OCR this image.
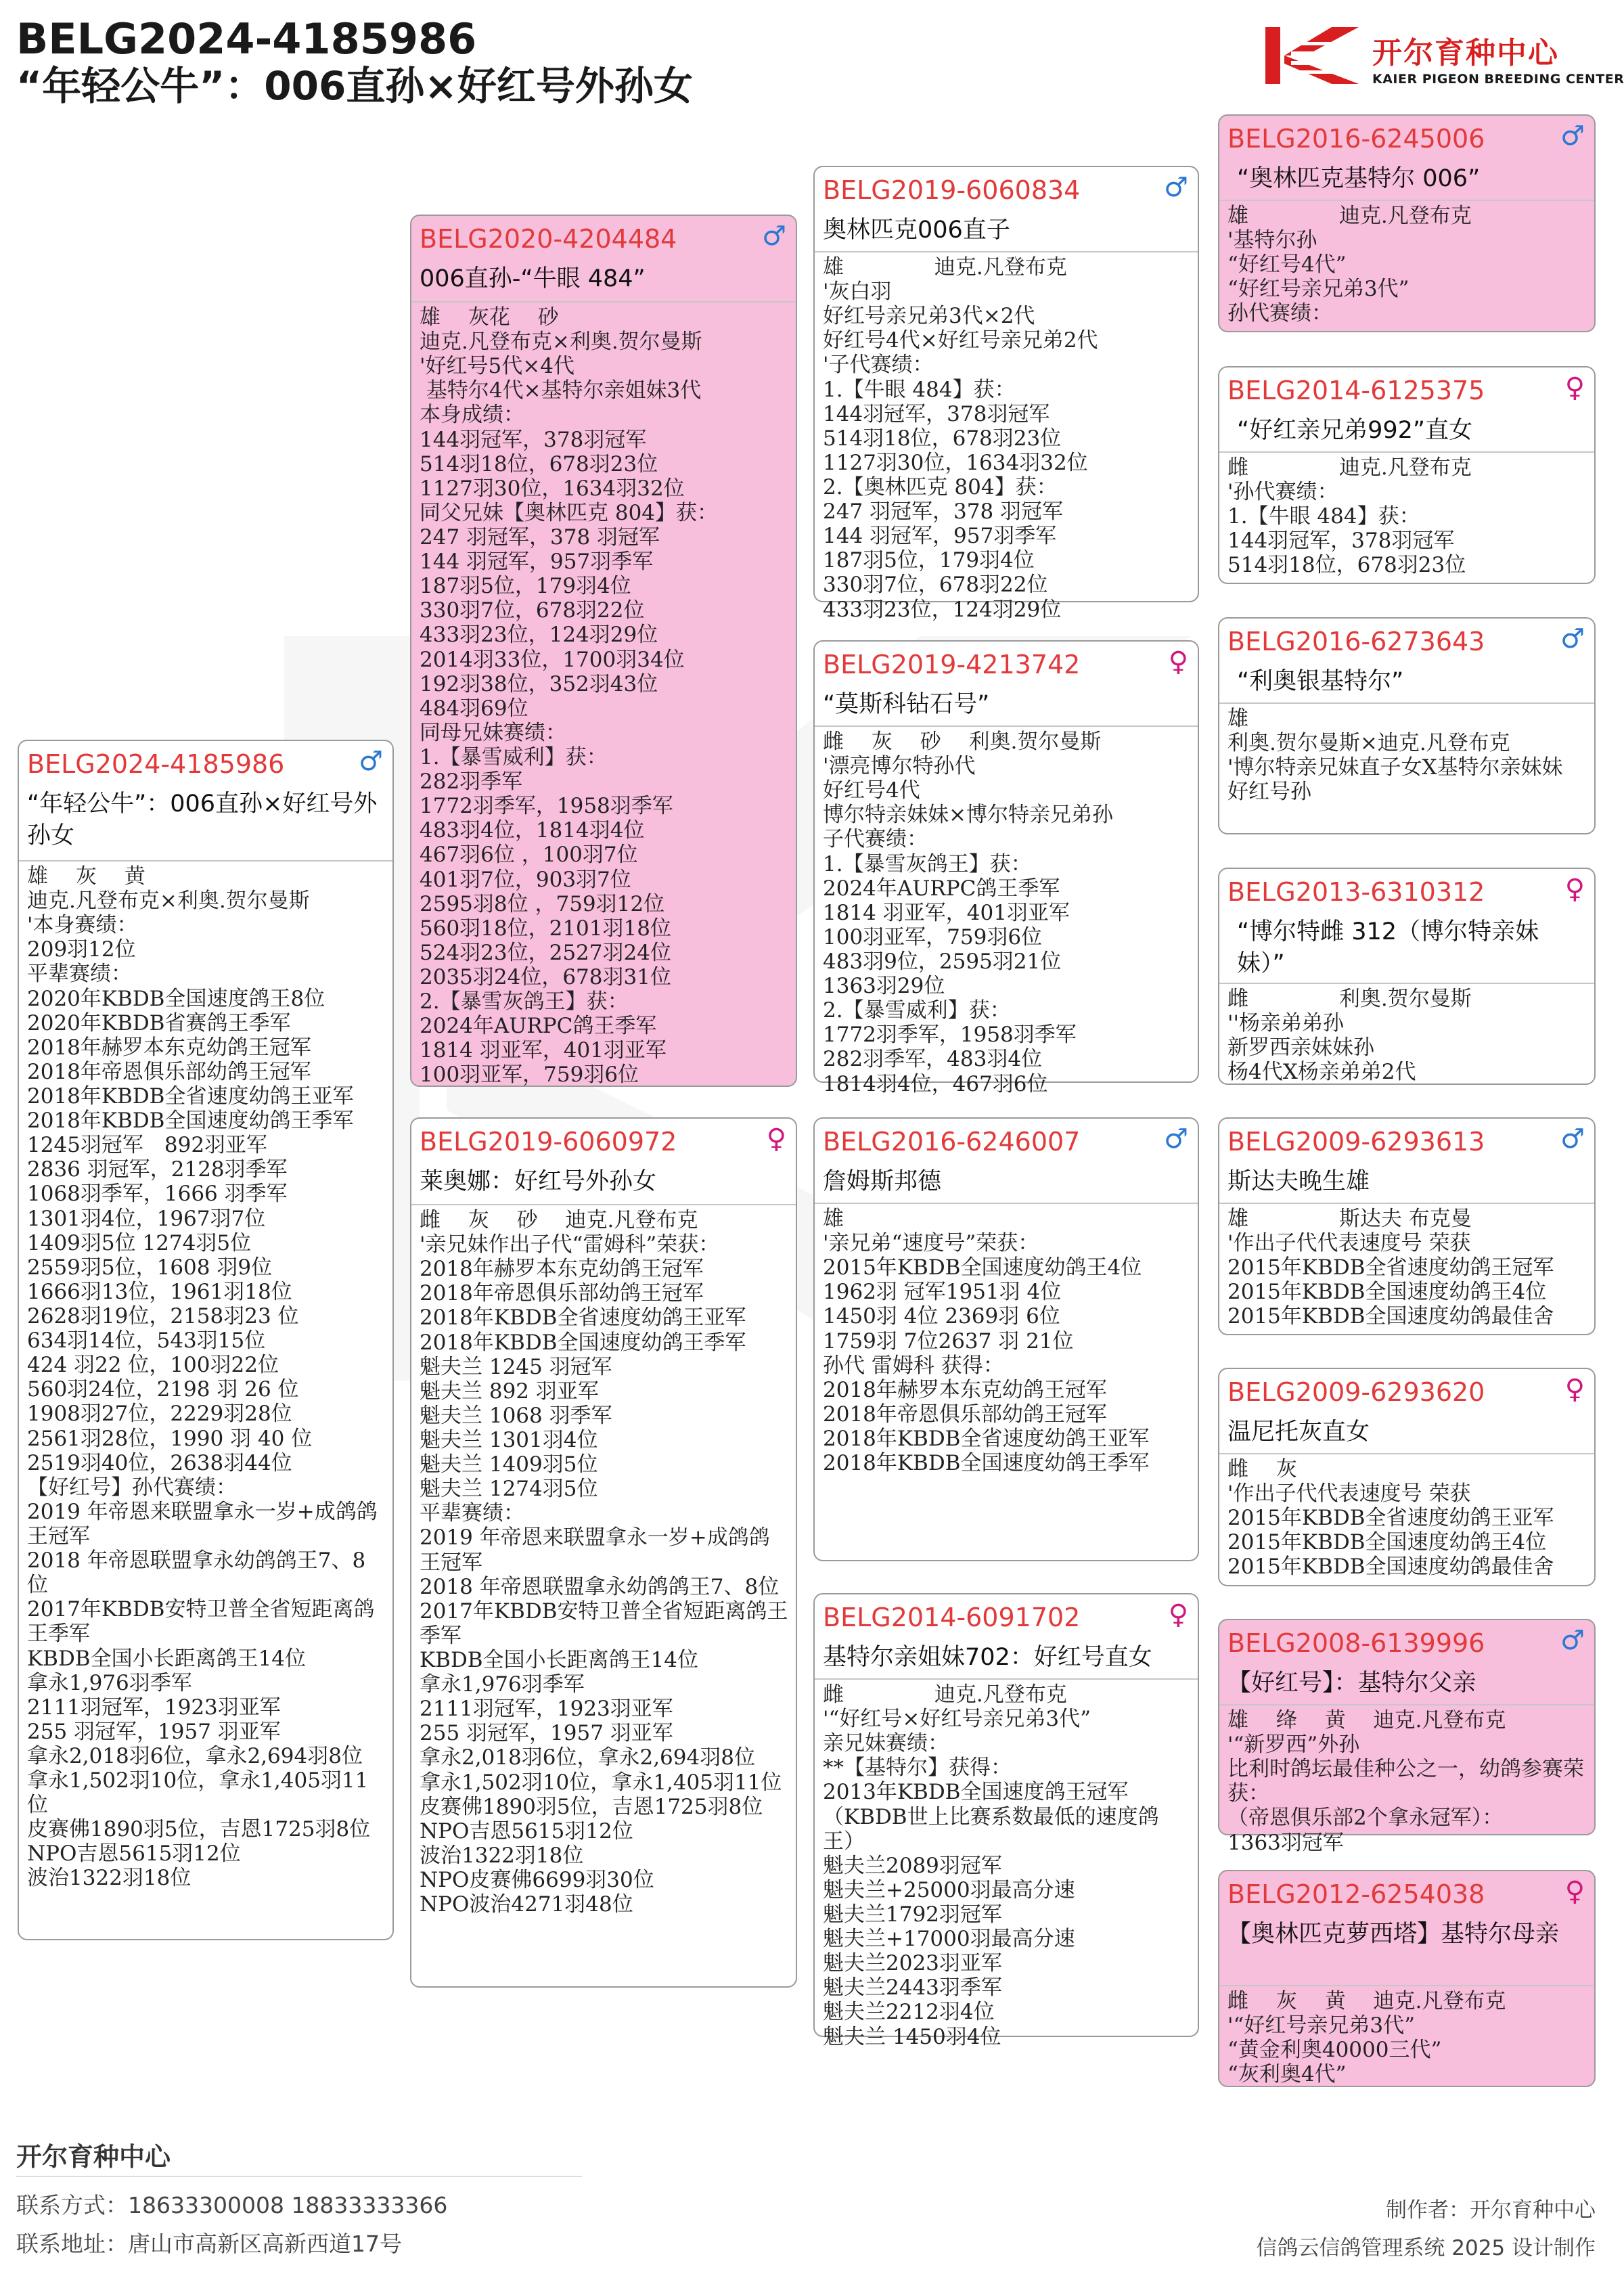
BELG2024-4185986
“年轻公牛”：006直孙×好红号外孙女
开尔育种中心
KAIER PIGEON BREEDING CENTER
BELG2024-4185986	♂
“年轻公牛”：006直孙×好红号外孙女
雄　 灰　 黄
迪克.凡登布克×利奥.贺尔曼斯
'本身赛绩：
209羽12位
平辈赛绩：
2020年KBDB全国速度鸽王8位
2020年KBDB省赛鸽王季军
2018年赫罗本东克幼鸽王冠军
2018年帝恩俱乐部幼鸽王冠军
2018年KBDB全省速度幼鸽王亚军
2018年KBDB全国速度幼鸽王季军
1245羽冠军　892羽亚军
2836 羽冠军，2128羽季军
1068羽季军，1666 羽季军
1301羽4位，1967羽7位
1409羽5位 1274羽5位
2559羽5位，1608 羽9位
1666羽13位，1961羽18位
2628羽19位，2158羽23 位
634羽14位，543羽15位
424 羽22 位，100羽22位
560羽24位，2198 羽 26 位
1908羽27位，2229羽28位
2561羽28位，1990 羽 40 位
2519羽40位，2638羽44位
【好红号】孙代赛绩：
2019 年帝恩来联盟拿永一岁+成鸽鸽王冠军
2018 年帝恩联盟拿永幼鸽鸽王7、8位
2017年KBDB安特卫普全省短距离鸽王季军
KBDB全国小长距离鸽王14位
拿永1,976羽季军
2111羽冠军，1923羽亚军
255 羽冠军，1957 羽亚军
拿永2,018羽6位，拿永2,694羽8位
拿永1,502羽10位，拿永1,405羽11位
皮赛佛1890羽5位，吉恩1725羽8位
NPO吉恩5615羽12位
波治1322羽18位
BELG2020-4204484	♂
006直孙-“牛眼 484”
雄　 灰花　 砂
迪克.凡登布克×利奥.贺尔曼斯
'好红号5代×4代
基特尔4代×基特尔亲姐妹3代
本身成绩：
144羽冠军，378羽冠军
514羽18位，678羽23位
1127羽30位，1634羽32位
同父兄妹【奥林匹克 804】获：
247 羽冠军，378 羽冠军
144 羽冠军，957羽季军
187羽5位，179羽4位
330羽7位，678羽22位
433羽23位，124羽29位
2014羽33位，1700羽34位
192羽38位，352羽43位
484羽69位
同母兄妹赛绩：
1.【暴雪威利】获：
282羽季军
1772羽季军，1958羽季军
483羽4位，1814羽4位
467羽6位 ，100羽7位
401羽7位，903羽7位
2595羽8位 ，759羽12位
560羽18位，2101羽18位
524羽23位，2527羽24位
2035羽24位，678羽31位
2.【暴雪灰鸽王】获：
2024年AURPC鸽王季军
1814 羽亚军，401羽亚军
100羽亚军，759羽6位
BELG2019-6060972	♀
莱奥娜：好红号外孙女
雌　 灰　 砂　 迪克.凡登布克
'亲兄妹作出子代“雷姆科”荣获：
2018年赫罗本东克幼鸽王冠军
2018年帝恩俱乐部幼鸽王冠军
2018年KBDB全省速度幼鸽王亚军
2018年KBDB全国速度幼鸽王季军
魁夫兰 1245 羽冠军
魁夫兰 892 羽亚军
魁夫兰 1068 羽季军
魁夫兰 1301羽4位
魁夫兰 1409羽5位
魁夫兰 1274羽5位
平辈赛绩：
2019 年帝恩来联盟拿永一岁+成鸽鸽王冠军
2018 年帝恩联盟拿永幼鸽鸽王7、8位
2017年KBDB安特卫普全省短距离鸽王季军
KBDB全国小长距离鸽王14位
拿永1,976羽季军
2111羽冠军，1923羽亚军
255 羽冠军，1957 羽亚军
拿永2,018羽6位，拿永2,694羽8位
拿永1,502羽10位，拿永1,405羽11位
皮赛佛1890羽5位，吉恩1725羽8位
NPO吉恩5615羽12位
波治1322羽18位
NPO皮赛佛6699羽30位
NPO波治4271羽48位
BELG2019-6060834	♂
奥林匹克006直子
雄　　　　 迪克.凡登布克
'灰白羽
好红号亲兄弟3代×2代
好红号4代×好红号亲兄弟2代
'子代赛绩：
1.【牛眼 484】获：
144羽冠军，378羽冠军
514羽18位，678羽23位
1127羽30位，1634羽32位
2.【奥林匹克 804】获：
247 羽冠军，378 羽冠军
144 羽冠军，957羽季军
187羽5位，179羽4位
330羽7位，678羽22位
433羽23位，124羽29位
BELG2019-4213742	♀
“莫斯科钻石号”
雌　 灰　 砂　 利奥.贺尔曼斯
'漂亮博尔特孙代
好红号4代
博尔特亲妹妹×博尔特亲兄弟孙
子代赛绩：
1.【暴雪灰鸽王】获：
2024年AURPC鸽王季军
1814 羽亚军，401羽亚军
100羽亚军，759羽6位
483羽9位，2595羽21位
1363羽29位
2.【暴雪威利】获：
1772羽季军，1958羽季军
282羽季军，483羽4位
1814羽4位，467羽6位
BELG2016-6246007	♂
詹姆斯邦德
雄
'亲兄弟“速度号”荣获：
2015年KBDB全国速度幼鸽王4位
1962羽 冠军1951羽 4位
1450羽 4位 2369羽 6位
1759羽 7位2637 羽 21位
孙代 雷姆科 获得：
2018年赫罗本东克幼鸽王冠军
2018年帝恩俱乐部幼鸽王冠军
2018年KBDB全省速度幼鸽王亚军
2018年KBDB全国速度幼鸽王季军
BELG2014-6091702	♀
基特尔亲姐妹702：好红号直女
雌　　　　 迪克.凡登布克
'“好红号×好红号亲兄弟3代”
亲兄妹赛绩：
**【基特尔】获得：
2013年KBDB全国速度鸽王冠军
（KBDB世上比赛系数最低的速度鸽王）
魁夫兰2089羽冠军
魁夫兰+25000羽最高分速
魁夫兰1792羽冠军
魁夫兰+17000羽最高分速
魁夫兰2023羽亚军
魁夫兰2443羽季军
魁夫兰2212羽4位
魁夫兰 1450羽4位
BELG2016-6245006	♂
“奥林匹克基特尔 006”
雄　　　　 迪克.凡登布克
'基特尔孙
“好红号4代”
“好红号亲兄弟3代”
孙代赛绩：
BELG2014-6125375	♀
“好红亲兄弟992”直女
雌　　　　 迪克.凡登布克
'孙代赛绩：
1.【牛眼 484】获：
144羽冠军，378羽冠军
514羽18位，678羽23位
BELG2016-6273643	♂
“利奥银基特尔”
雄
利奥.贺尔曼斯×迪克.凡登布克
'博尔特亲兄妹直子女X基特尔亲妹妹
好红号孙
BELG2013-6310312	♀
“博尔特雌 312（博尔特亲妹妹）”
雌　　　　 利奥.贺尔曼斯
''杨亲弟弟孙
新罗西亲妹妹孙
杨4代X杨亲弟弟2代
BELG2009-6293613	♂
斯达夫晚生雄
雄　　　　 斯达夫 布克曼
'作出子代代表速度号 荣获
2015年KBDB全省速度幼鸽王冠军
2015年KBDB全国速度幼鸽王4位
2015年KBDB全国速度幼鸽最佳舍
BELG2009-6293620	♀
温尼托灰直女
雌　 灰
'作出子代代表速度号 荣获
2015年KBDB全省速度幼鸽王亚军
2015年KBDB全国速度幼鸽王4位
2015年KBDB全国速度幼鸽最佳舍
BELG2008-6139996	♂
【好红号】：基特尔父亲
雄　 绛　 黄　 迪克.凡登布克
'“新罗西”外孙
比利时鸽坛最佳种公之一，幼鸽参赛荣获：
（帝恩俱乐部2个拿永冠军）：
1363羽冠军
BELG2012-6254038	♀
【奥林匹克萝西塔】基特尔母亲
雌　 灰　 黄　 迪克.凡登布克
'“好红号亲兄弟3代”
“黄金利奥40000三代”
“灰利奥4代”
开尔育种中心
联系方式：18633300008 18833333366
联系地址：唐山市高新区高新西道17号
制作者：开尔育种中心
信鸽云信鸽管理系统 2025 设计制作
